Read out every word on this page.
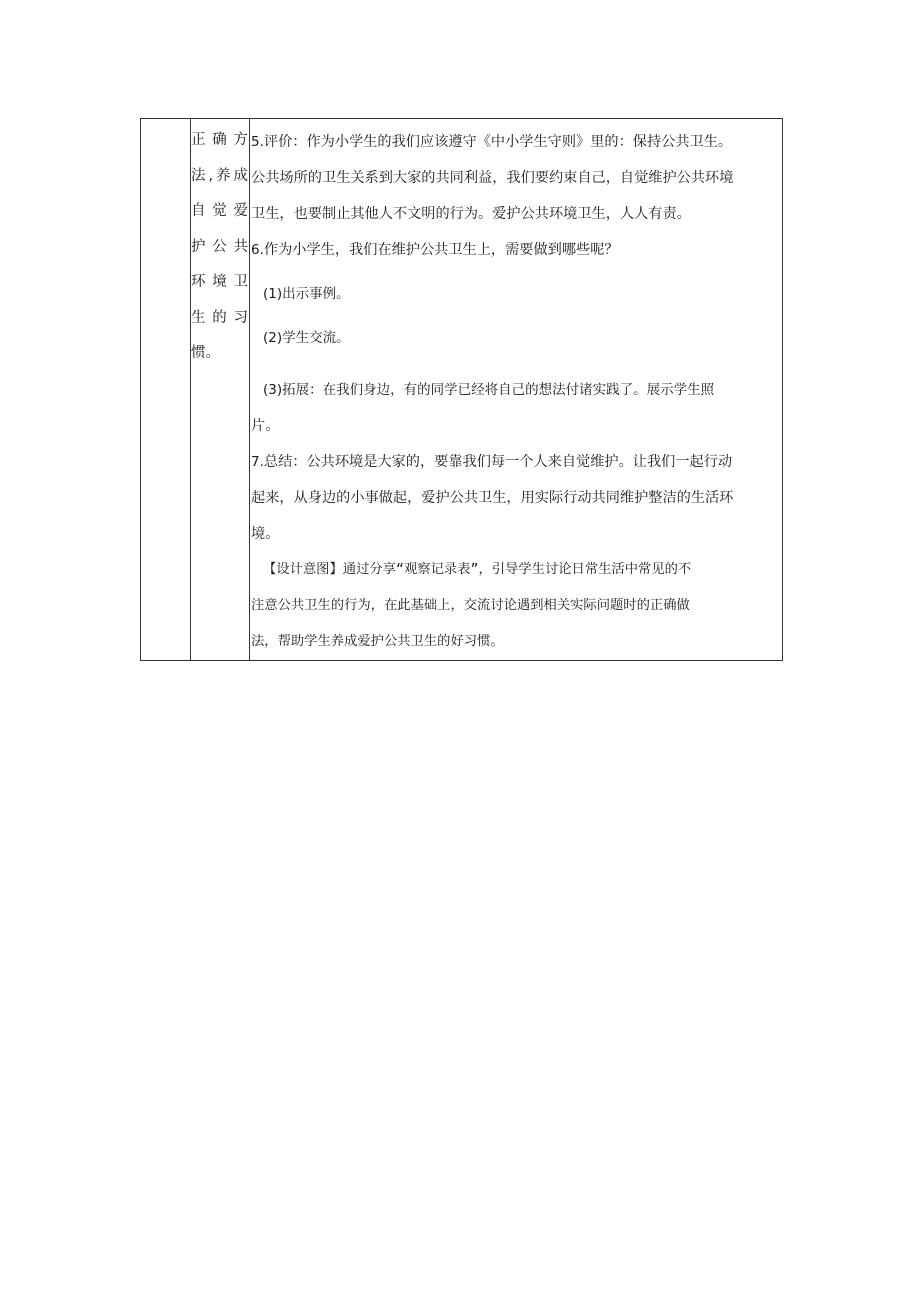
正确方
法,养成
自觉爱
护公共
环境卫
生的习
惯。
5.评价：作为小学生的我们应该遵守《中小学生守则》里的：保持公共卫生。
公共场所的卫生关系到大家的共同利益，我们要约束自己，自觉维护公共环境
卫生，也要制止其他人不文明的行为。爱护公共环境卫生，人人有责。
6.作为小学生，我们在维护公共卫生上，需要做到哪些呢？
(1)出示事例。
(2)学生交流。
(3)拓展：在我们身边，有的同学已经将自己的想法付诸实践了。展示学生照
片。
7.总结：公共环境是大家的，要靠我们每一个人来自觉维护。让我们一起行动
起来，从身边的小事做起，爱护公共卫生，用实际行动共同维护整洁的生活环
境。
【设计意图】通过分享“观察记录表”，引导学生讨论日常生活中常见的不
注意公共卫生的行为，在此基础上，交流讨论遇到相关实际问题时的正确做
法，帮助学生养成爱护公共卫生的好习惯。
